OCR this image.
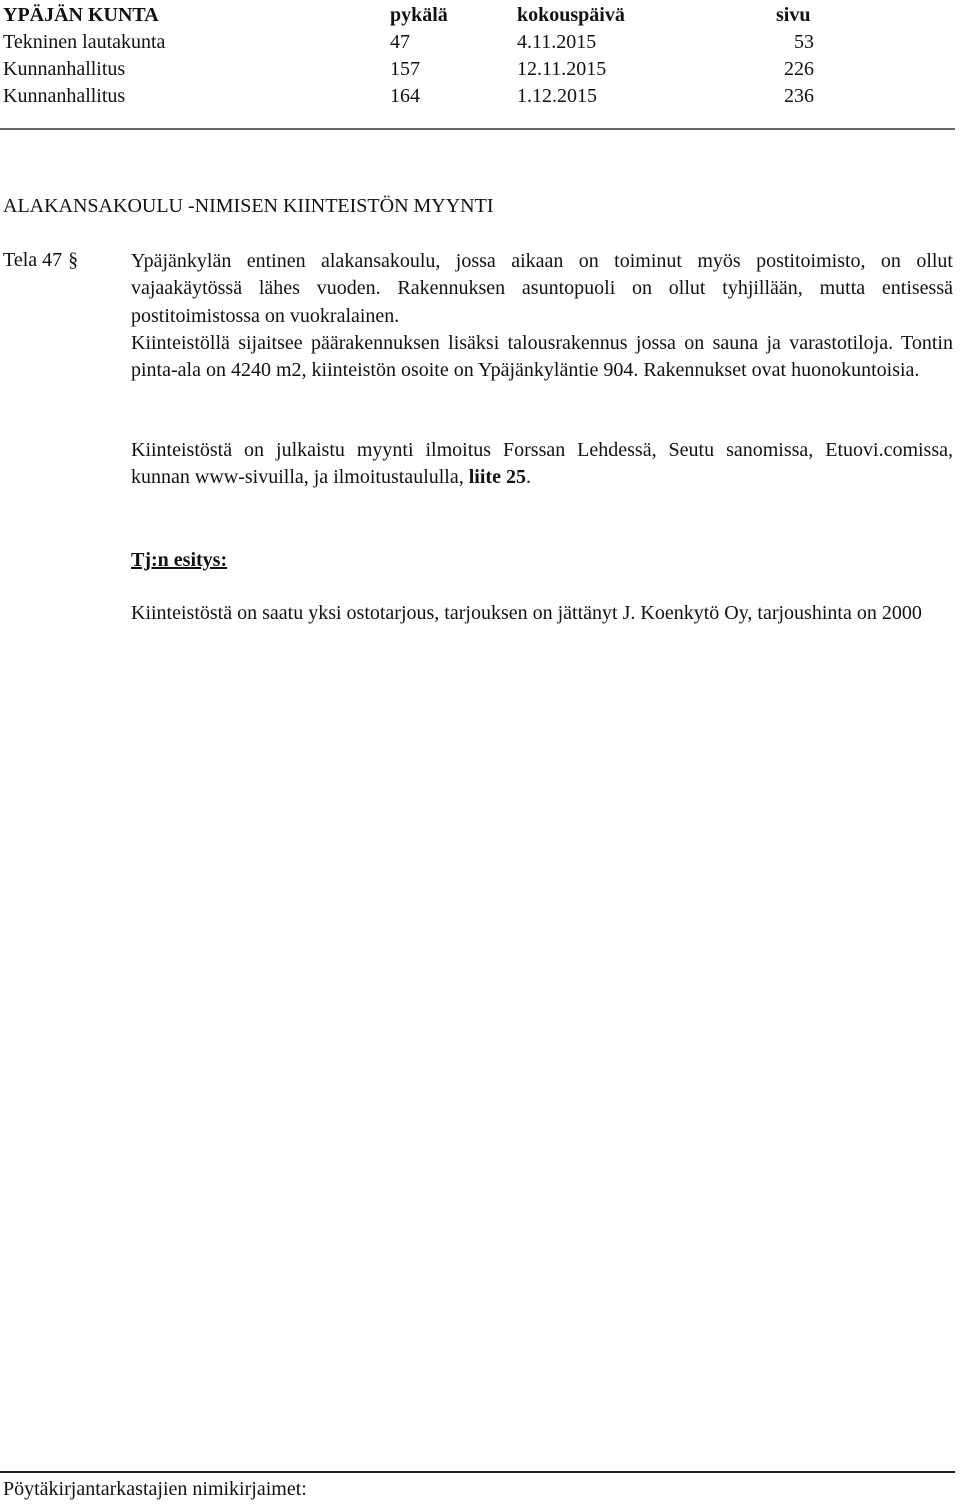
YPÄJÄN KUNTA	pykälä	kokouspäivä	sivu
Tekninen lautakunta	47	4.11.2015	53
Kunnanhallitus	157	12.11.2015	226
Kunnanhallitus	164	1.12.2015	236
ALAKANSAKOULU -NIMISEN KIINTEISTÖN MYYNTI
Tela 47 §	Ypäjänkylän entinen alakansakoulu, jossa aikaan on toiminut myös postitoimisto, on ollut vajaakäytössä lähes vuoden. Rakennuksen asuntopuoli on ollut tyhjillään, mutta entisessä postitoimistossa on vuokralainen.

Kiinteistöllä sijaitsee päärakennuksen lisäksi talousrakennus jossa on sauna ja varastotiloja. Tontin pinta-ala on 4240 m2, kiinteistön osoite on Ypäjänkyläntie 904. Rakennukset ovat huonokuntoisia.

Kiinteistöstä on julkaistu myynti ilmoitus Forssan Lehdessä, Seutu sanomissa, Etuovi.comissa, kunnan www-sivuilla, ja ilmoitustaululla, liite 25.

Tj:n esitys:

Kiinteistöstä on saatu yksi ostotarjous, tarjouksen on jättänyt J. Koenkytö Oy, tarjoushinta on 2000

Pöytäkirjantarkastajien nimikirjaimet:
